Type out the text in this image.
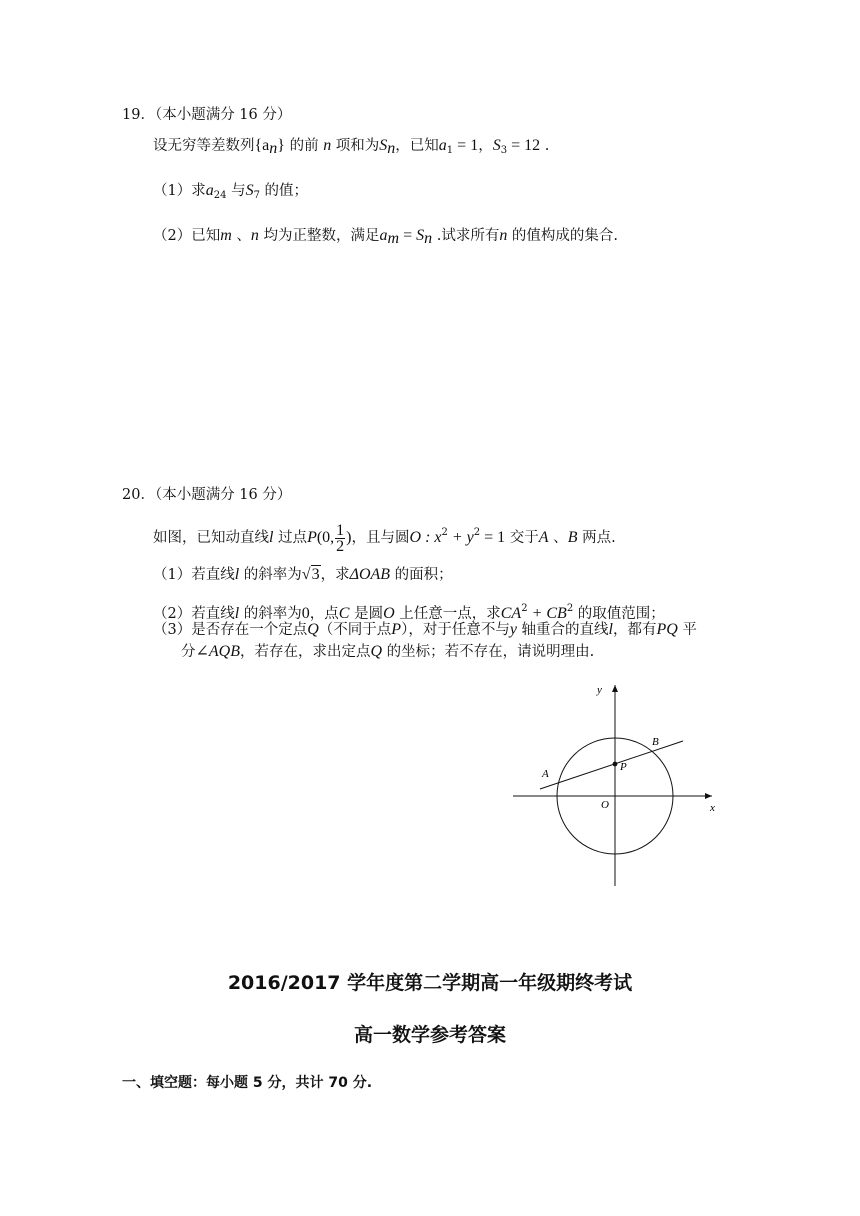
19．（本小题满分 16 分）
设无穷等差数列$\{a_n\}$ 的前 n 项和为$S_n$，已知$a_1 = 1$，$S_3 = 12$ .
（1）求$a_{24}$ 与$S_7$ 的值；
（2）已知m 、n 均为正整数，满足$a_m = S_n$ .试求所有n 的值构成的集合.
20．（本小题满分 16 分）
如图，已知动直线l 过点P(0, $\frac{1}{2}$ )，且与圆O : $x^2 + y^2 = 1$ 交于A 、B 两点.
（1）若直线l 的斜率为√3，求ΔOAB 的面积；
（2）若直线l 的斜率为0，点C 是圆O 上任意一点，求$CA^2 + CB^2$ 的取值范围；
（3）是否存在一个定点Q（不同于点P），对于任意不与y 轴重合的直线l，都有PQ 平
分∠AQB，若存在，求出定点Q 的坐标；若不存在，请说明理由.
y
x
O
A
B
P
2016/2017 学年度第二学期高一年级期终考试
高一数学参考答案
一、填空题：每小题 5 分，共计 70 分.
